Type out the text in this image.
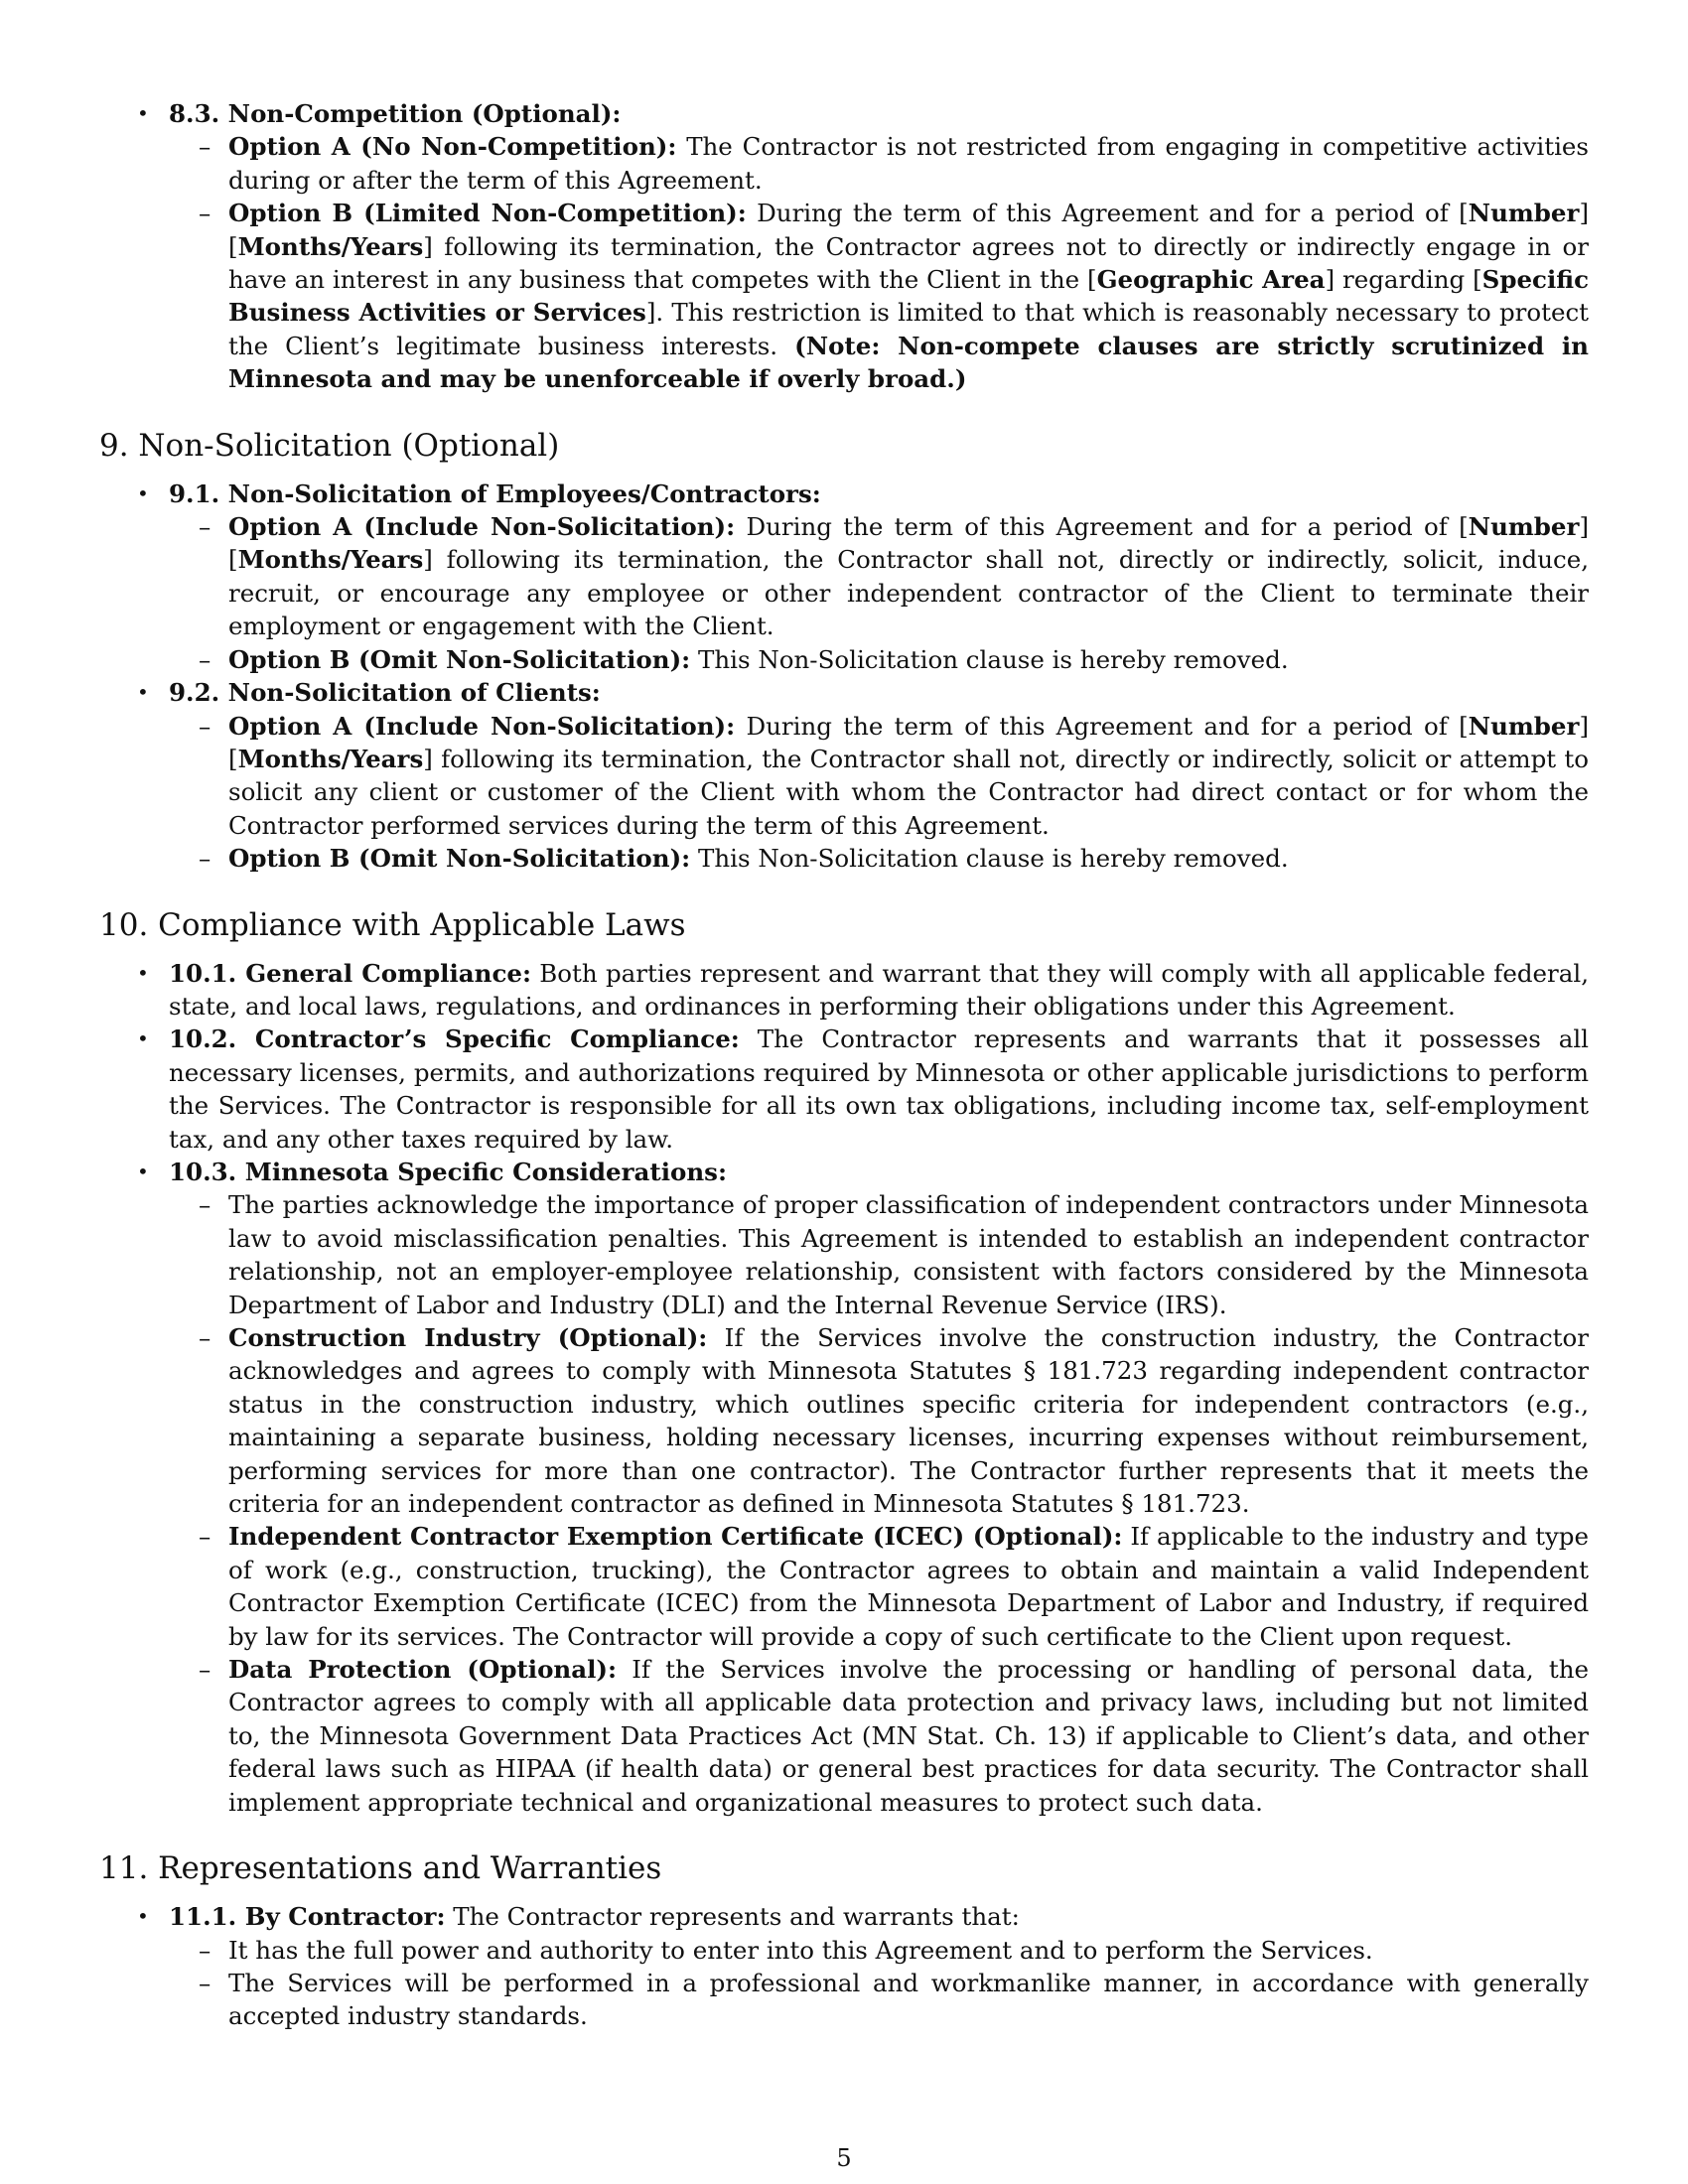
• 8.3. Non-Competition (Optional):
– Option A (No Non-Competition): The Contractor is not restricted from engaging in competitive activities during or after the term of this Agreement.
– Option B (Limited Non-Competition): During the term of this Agreement and for a period of [Number] [Months/Years] following its termination, the Contractor agrees not to directly or indirectly engage in or have an interest in any business that competes with the Client in the [Geographic Area] regarding [Specific Business Activities or Services]. This restriction is limited to that which is reasonably necessary to protect the Client’s legitimate business interests. (Note: Non-compete clauses are strictly scrutinized in Minnesota and may be unenforceable if overly broad.)
9. Non-Solicitation (Optional)
• 9.1. Non-Solicitation of Employees/Contractors:
– Option A (Include Non-Solicitation): During the term of this Agreement and for a period of [Number] [Months/Years] following its termination, the Contractor shall not, directly or indirectly, solicit, induce, recruit, or encourage any employee or other independent contractor of the Client to terminate their employment or engagement with the Client.
– Option B (Omit Non-Solicitation): This Non-Solicitation clause is hereby removed.
• 9.2. Non-Solicitation of Clients:
– Option A (Include Non-Solicitation): During the term of this Agreement and for a period of [Number] [Months/Years] following its termination, the Contractor shall not, directly or indirectly, solicit or attempt to solicit any client or customer of the Client with whom the Contractor had direct contact or for whom the Contractor performed services during the term of this Agreement.
– Option B (Omit Non-Solicitation): This Non-Solicitation clause is hereby removed.
10. Compliance with Applicable Laws
• 10.1. General Compliance: Both parties represent and warrant that they will comply with all applicable federal, state, and local laws, regulations, and ordinances in performing their obligations under this Agreement.
• 10.2. Contractor’s Specific Compliance: The Contractor represents and warrants that it possesses all necessary licenses, permits, and authorizations required by Minnesota or other applicable jurisdictions to perform the Services. The Contractor is responsible for all its own tax obligations, including income tax, self-employment tax, and any other taxes required by law.
• 10.3. Minnesota Specific Considerations:
– The parties acknowledge the importance of proper classification of independent contractors under Minnesota law to avoid misclassification penalties. This Agreement is intended to establish an independent contractor relationship, not an employer-employee relationship, consistent with factors considered by the Minnesota Department of Labor and Industry (DLI) and the Internal Revenue Service (IRS).
– Construction Industry (Optional): If the Services involve the construction industry, the Contractor acknowledges and agrees to comply with Minnesota Statutes § 181.723 regarding independent contractor status in the construction industry, which outlines specific criteria for independent contractors (e.g., maintaining a separate business, holding necessary licenses, incurring expenses without reimbursement, performing services for more than one contractor). The Contractor further represents that it meets the criteria for an independent contractor as defined in Minnesota Statutes § 181.723.
– Independent Contractor Exemption Certificate (ICEC) (Optional): If applicable to the industry and type of work (e.g., construction, trucking), the Contractor agrees to obtain and maintain a valid Independent Contractor Exemption Certificate (ICEC) from the Minnesota Department of Labor and Industry, if required by law for its services. The Contractor will provide a copy of such certificate to the Client upon request.
– Data Protection (Optional): If the Services involve the processing or handling of personal data, the Contractor agrees to comply with all applicable data protection and privacy laws, including but not limited to, the Minnesota Government Data Practices Act (MN Stat. Ch. 13) if applicable to Client’s data, and other federal laws such as HIPAA (if health data) or general best practices for data security. The Contractor shall implement appropriate technical and organizational measures to protect such data.
11. Representations and Warranties
• 11.1. By Contractor: The Contractor represents and warrants that:
– It has the full power and authority to enter into this Agreement and to perform the Services.
– The Services will be performed in a professional and workmanlike manner, in accordance with generally accepted industry standards.
5
